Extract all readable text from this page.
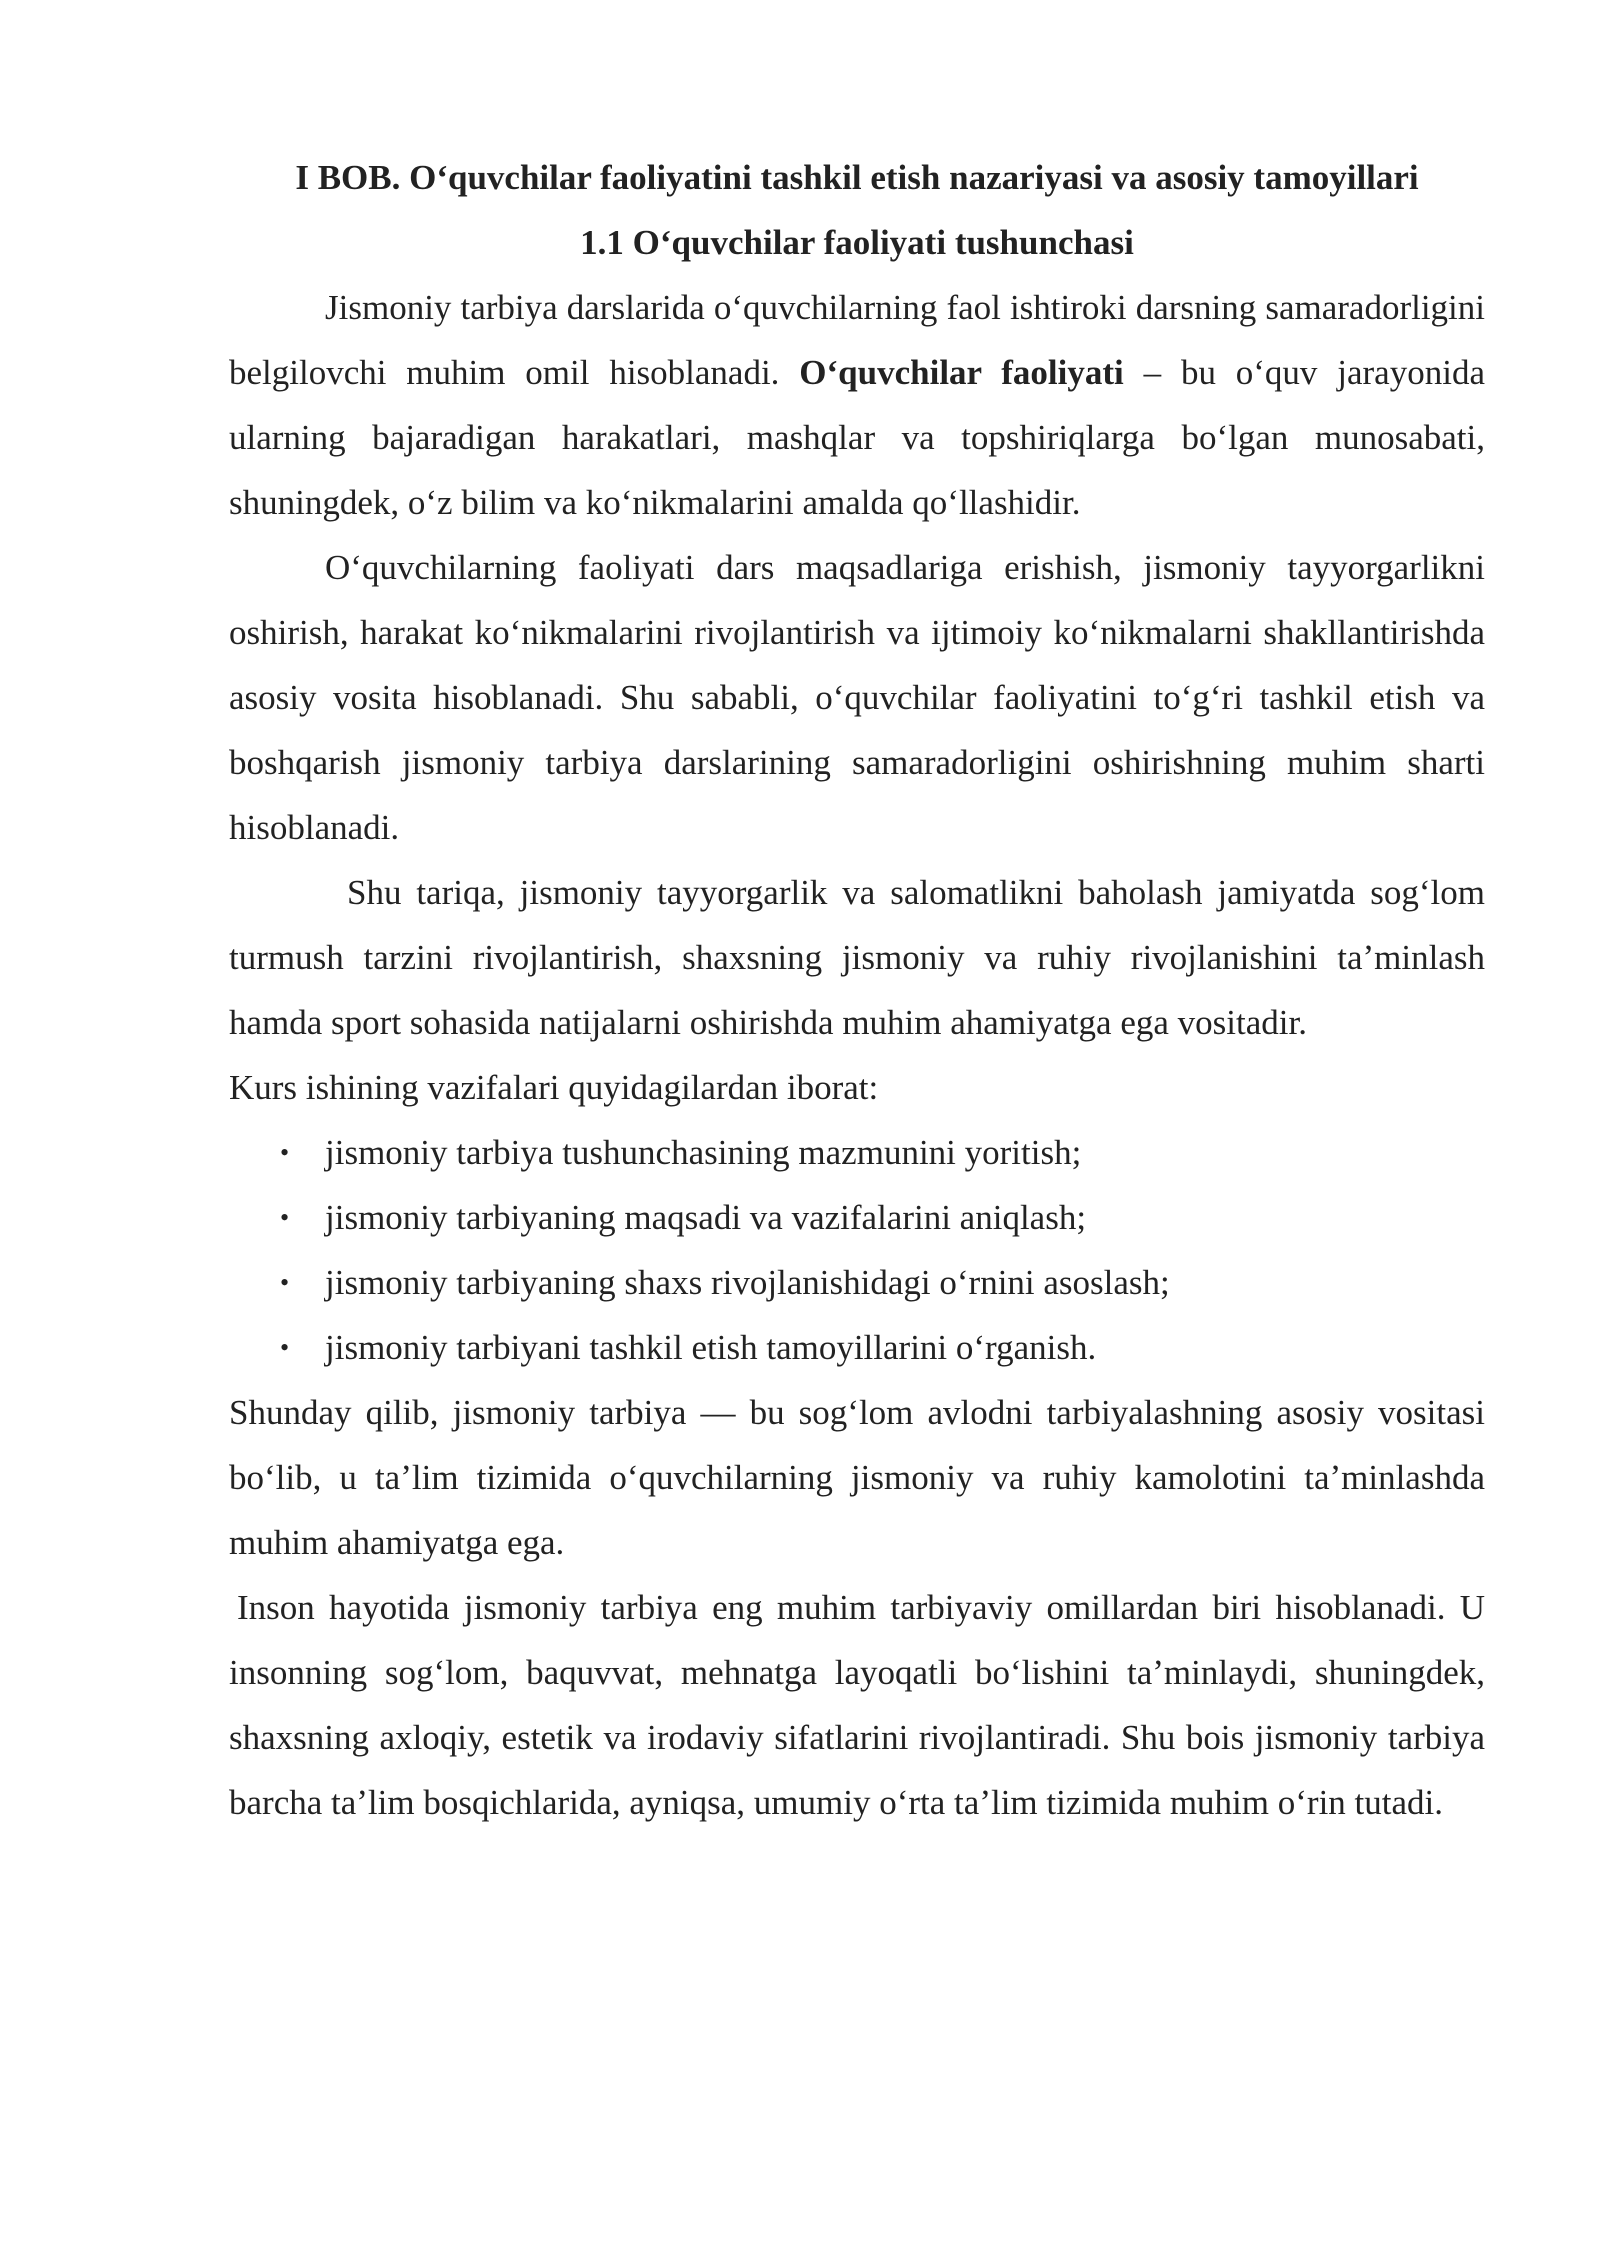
I BOB. Oʻquvchilar faoliyatini tashkil etish nazariyasi va asosiy tamoyillari

1.1 Oʻquvchilar faoliyati tushunchasi

Jismoniy tarbiya darslarida oʻquvchilarning faol ishtiroki darsning samaradorligini belgilovchi muhim omil hisoblanadi. Oʻquvchilar faoliyati – bu oʻquv jarayonida ularning bajaradigan harakatlari, mashqlar va topshiriqlarga boʻlgan munosabati, shuningdek, oʻz bilim va koʻnikmalarini amalda qoʻllashidir.

Oʻquvchilarning faoliyati dars maqsadlariga erishish, jismoniy tayyorgarlikni oshirish, harakat koʻnikmalarini rivojlantirish va ijtimoiy koʻnikmalarni shakllantirishda asosiy vosita hisoblanadi. Shu sababli, oʻquvchilar faoliyatini toʻgʻri tashkil etish va boshqarish jismoniy tarbiya darslarining samaradorligini oshirishning muhim sharti hisoblanadi.

Shu tariqa, jismoniy tayyorgarlik va salomatlikni baholash jamiyatda sogʻlom turmush tarzini rivojlantirish, shaxsning jismoniy va ruhiy rivojlanishini taʼminlash hamda sport sohasida natijalarni oshirishda muhim ahamiyatga ega vositadir.

Kurs ishining vazifalari quyidagilardan iborat:

• jismoniy tarbiya tushunchasining mazmunini yoritish;
• jismoniy tarbiyaning maqsadi va vazifalarini aniqlash;
• jismoniy tarbiyaning shaxs rivojlanishidagi oʻrnini asoslash;
• jismoniy tarbiyani tashkil etish tamoyillarini oʻrganish.

Shunday qilib, jismoniy tarbiya — bu sogʻlom avlodni tarbiyalashning asosiy vositasi boʻlib, u taʼlim tizimida oʻquvchilarning jismoniy va ruhiy kamolotini taʼminlashda muhim ahamiyatga ega.

Inson hayotida jismoniy tarbiya eng muhim tarbiyaviy omillardan biri hisoblanadi. U insonning sogʻlom, baquvvat, mehnatga layoqatli boʻlishini taʼminlaydi, shuningdek, shaxsning axloqiy, estetik va irodaviy sifatlarini rivojlantiradi. Shu bois jismoniy tarbiya barcha taʼlim bosqichlarida, ayniqsa, umumiy oʻrta taʼlim tizimida muhim oʻrin tutadi.
